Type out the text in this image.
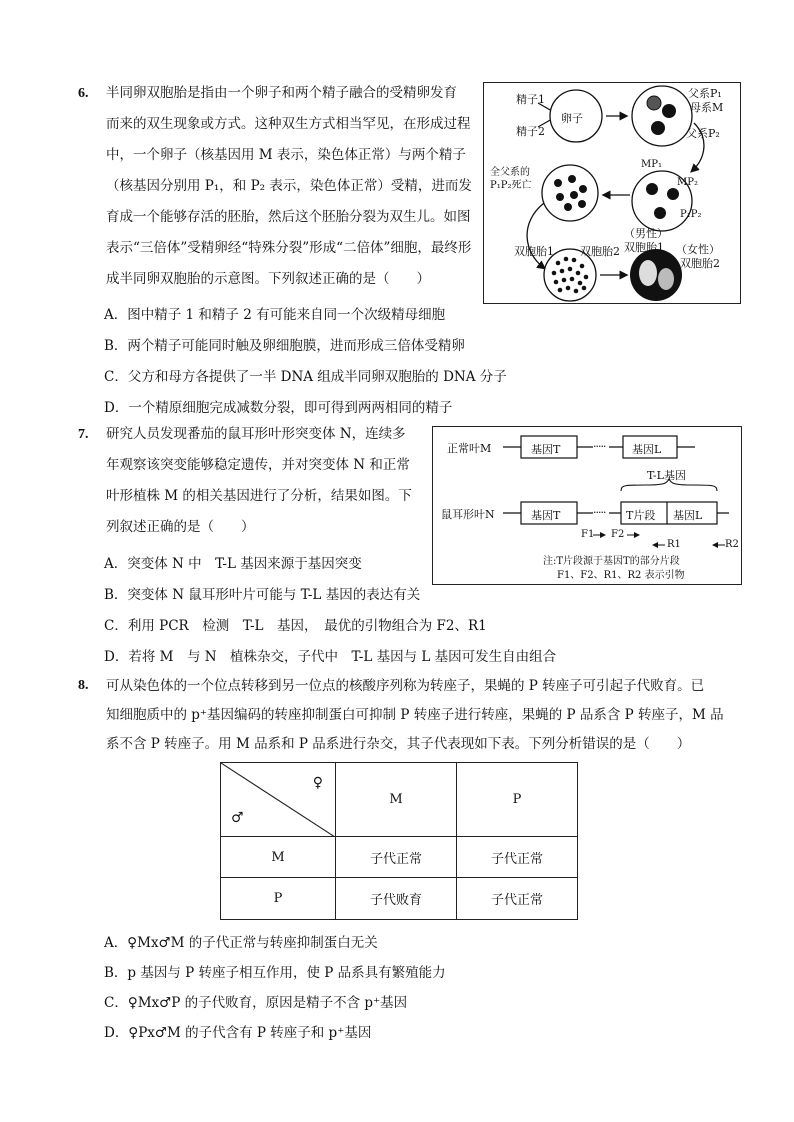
6. 半同卵双胞胎是指由一个卵子和两个精子融合的受精卵发育
而来的双生现象或方式。这种双生方式相当罕见，在形成过程
中，一个卵子（核基因用 M 表示，染色体正常）与两个精子
（核基因分别用 P₁，和 P₂ 表示，染色体正常）受精，进而发
育成一个能够存活的胚胎，然后这个胚胎分裂为双生儿。如图
表示“三倍体”受精卵经“特殊分裂”形成“二倍体”细胞，最终形
成半同卵双胞胎的示意图。下列叙述正确的是（　　）
A．图中精子 1 和精子 2 有可能来自同一个次级精母细胞
B．两个精子可能同时触及卵细胞膜，进而形成三倍体受精卵
C．父方和母方各提供了一半 DNA 组成半同卵双胞胎的 DNA 分子
D．一个精原细胞完成减数分裂，即可得到两两相同的精子
精子1
精子2
卵子
父系P₁
母系M
父系P₂
MP₁
MP₂
P₁P₂
全父系的
P₁P₂死亡
双胞胎1 双胞胎2
（男性）
双胞胎1 （女性）
双胞胎2
7. 研究人员发现番茄的鼠耳形叶形突变体 N，连续多
年观察该突变能够稳定遗传，并对突变体 N 和正常
叶形植株 M 的相关基因进行了分析，结果如图。下
列叙述正确的是（　　）
A．突变体 N 中　T-L 基因来源于基因突变
B．突变体 N 鼠耳形叶片可能与 T-L 基因的表达有关
C．利用 PCR　检测　T-L　基因，　最优的引物组合为 F2、R1
D．若将 M　与 N　植株杂交，子代中　T-L 基因与 L 基因可发生自由组合
正常叶M	基因T	····· 基因L
T-L基因
鼠耳形叶N	基因T	····· T片段 基因L
F1 F2
R1	R2
注:T片段源于基因T的部分片段
F1、F2、R1、R2 表示引物
8. 可从染色体的一个位点转移到另一位点的核酸序列称为转座子，果蝇的 P 转座子可引起子代败育。已
知细胞质中的 p⁺基因编码的转座抑制蛋白可抑制 P 转座子进行转座，果蝇的 P 品系含 P 转座子，M 品
系不含 P 转座子。用 M 品系和 P 品系进行杂交，其子代表现如下表。下列分析错误的是（　　）
♀
♂	M	P
M	子代正常	子代正常
P	子代败育	子代正常
A．♀Mx♂M 的子代正常与转座抑制蛋白无关
B．p 基因与 P 转座子相互作用，使 P 品系具有繁殖能力
C．♀Mx♂P 的子代败育，原因是精子不含 p⁺基因
D．♀Px♂M 的子代含有 P 转座子和 p⁺基因
